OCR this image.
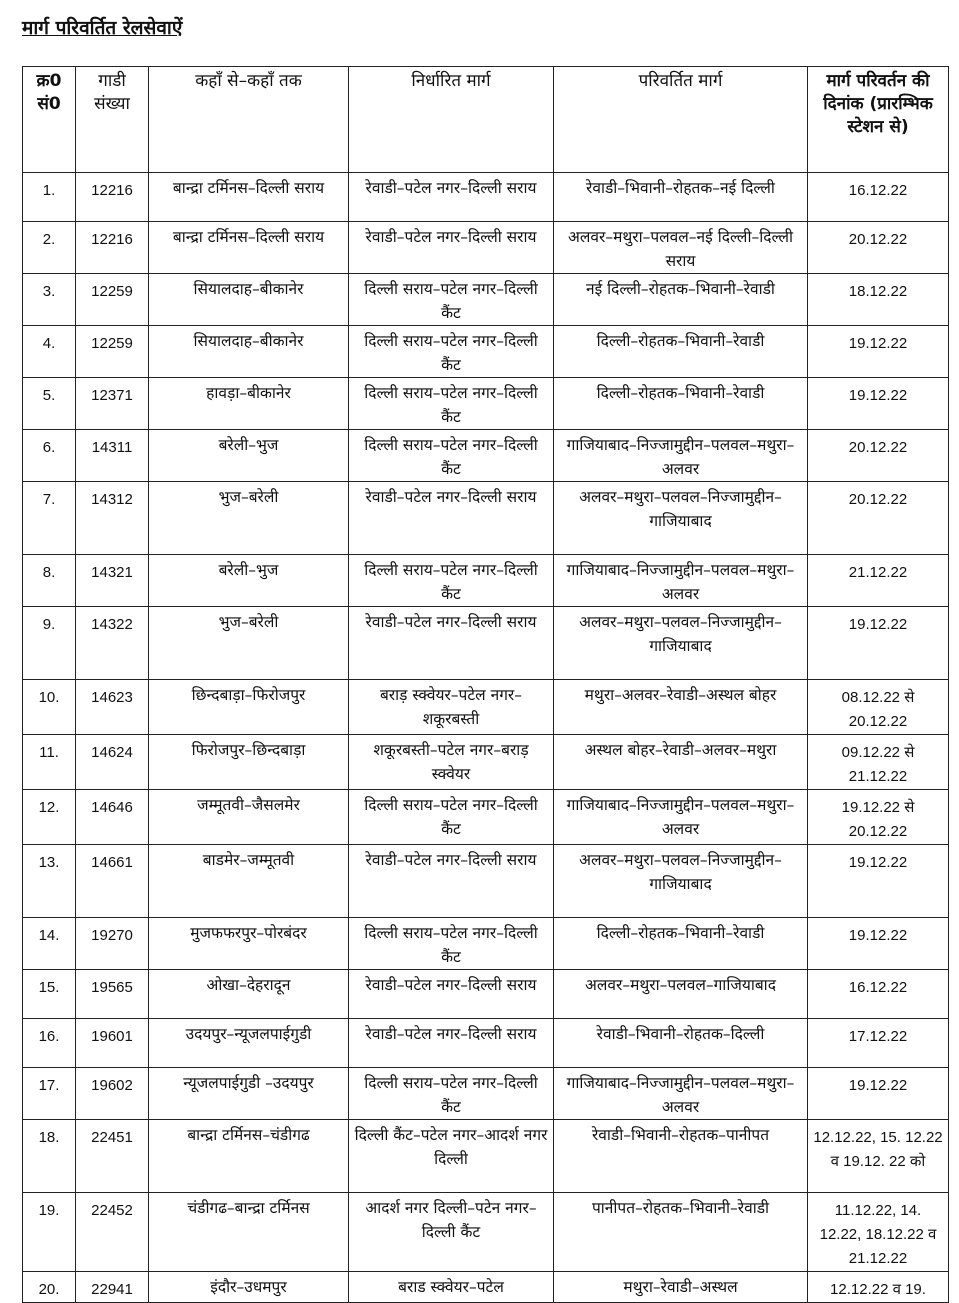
मार्ग परिवर्तित रेलसेवाऐं
क्र0 सं0	गाडी संख्या	कहाँ से–कहाँ तक	निर्धारित मार्ग	परिवर्तित मार्ग	मार्ग परिवर्तन की दिनांक (प्रारम्भिक स्टेशन से)
1.	12216	बान्द्रा टर्मिनस–दिल्ली सराय	रेवाडी–पटेल नगर–दिल्ली सराय	रेवाडी–भिवानी–रोहतक–नई दिल्ली	16.12.22
2.	12216	बान्द्रा टर्मिनस–दिल्ली सराय	रेवाडी–पटेल नगर–दिल्ली सराय	अलवर–मथुरा–पलवल–नई दिल्ली–दिल्ली सराय	20.12.22
3.	12259	सियालदाह–बीकानेर	दिल्ली सराय–पटेल नगर–दिल्ली कैंट	नई दिल्ली–रोहतक–भिवानी–रेवाडी	18.12.22
4.	12259	सियालदाह–बीकानेर	दिल्ली सराय–पटेल नगर–दिल्ली कैंट	दिल्ली–रोहतक–भिवानी–रेवाडी	19.12.22
5.	12371	हावड़ा–बीकानेर	दिल्ली सराय–पटेल नगर–दिल्ली कैंट	दिल्ली–रोहतक–भिवानी–रेवाडी	19.12.22
6.	14311	बरेली–भुज	दिल्ली सराय–पटेल नगर–दिल्ली कैंट	गाजियाबाद–निज्जामुद्दीन–पलवल–मथुरा–अलवर	20.12.22
7.	14312	भुज–बरेली	रेवाडी–पटेल नगर–दिल्ली सराय	अलवर–मथुरा–पलवल–निज्जामुद्दीन–गाजियाबाद	20.12.22
8.	14321	बरेली–भुज	दिल्ली सराय–पटेल नगर–दिल्ली कैंट	गाजियाबाद–निज्जामुद्दीन–पलवल–मथुरा–अलवर	21.12.22
9.	14322	भुज–बरेली	रेवाडी–पटेल नगर–दिल्ली सराय	अलवर–मथुरा–पलवल–निज्जामुद्दीन–गाजियाबाद	19.12.22
10.	14623	छिन्दबाड़ा–फिरोजपुर	बराड़ स्क्वेयर–पटेल नगर–शकूरबस्ती	मथुरा–अलवर–रेवाडी–अस्थल बोहर	08.12.22 से 20.12.22
11.	14624	फिरोजपुर–छिन्दबाड़ा	शकूरबस्ती–पटेल नगर–बराड़ स्क्वेयर	अस्थल बोहर–रेवाडी–अलवर–मथुरा	09.12.22 से 21.12.22
12.	14646	जम्मूतवी–जैसलमेर	दिल्ली सराय–पटेल नगर–दिल्ली कैंट	गाजियाबाद–निज्जामुद्दीन–पलवल–मथुरा–अलवर	19.12.22 से 20.12.22
13.	14661	बाडमेर–जम्मूतवी	रेवाडी–पटेल नगर–दिल्ली सराय	अलवर–मथुरा–पलवल–निज्जामुद्दीन–गाजियाबाद	19.12.22
14.	19270	मुजफफरपुर–पोरबंदर	दिल्ली सराय–पटेल नगर–दिल्ली कैंट	दिल्ली–रोहतक–भिवानी–रेवाडी	19.12.22
15.	19565	ओखा–देहरादून	रेवाडी–पटेल नगर–दिल्ली सराय	अलवर–मथुरा–पलवल–गाजियाबाद	16.12.22
16.	19601	उदयपुर–न्यूजलपाईगुडी	रेवाडी–पटेल नगर–दिल्ली सराय	रेवाडी–भिवानी–रोहतक–दिल्ली	17.12.22
17.	19602	न्यूजलपाईगुडी –उदयपुर	दिल्ली सराय–पटेल नगर–दिल्ली कैंट	गाजियाबाद–निज्जामुद्दीन–पलवल–मथुरा–अलवर	19.12.22
18.	22451	बान्द्रा टर्मिनस–चंडीगढ	दिल्ली कैंट–पटेल नगर–आदर्श नगर दिल्ली	रेवाडी–भिवानी–रोहतक–पानीपत	12.12.22, 15. 12.22 व 19.12. 22 को
19.	22452	चंडीगढ–बान्द्रा टर्मिनस	आदर्श नगर दिल्ली–पटेन नगर–दिल्ली कैंट	पानीपत–रोहतक–भिवानी–रेवाडी	11.12.22, 14. 12.22, 18.12.22 व 21.12.22
20.	22941	इंदौर–उधमपुर	बराड स्क्वेयर–पटेल	मथुरा–रेवाडी–अस्थल	12.12.22 व 19.
